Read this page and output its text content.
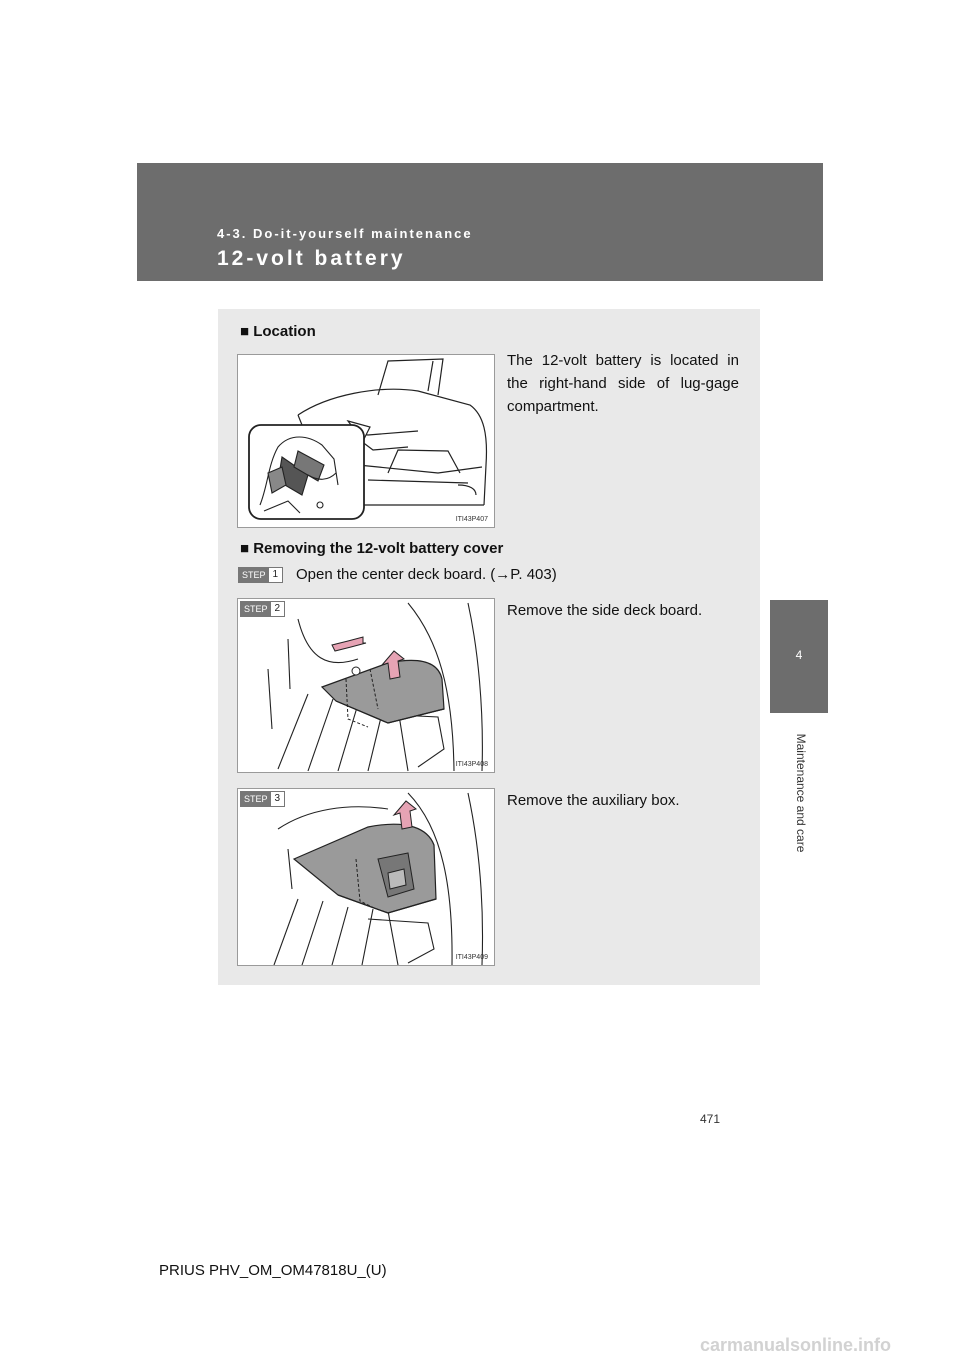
4-3. Do-it-yourself maintenance
12-volt battery
4
Maintenance and care
■ Location
ITI43P407
The 12-volt battery is located in the right-hand side of lug-gage compartment.
■ Removing the 12-volt battery cover
STEP 1 Open the center deck board. (→P. 403)
STEP 2
ITI43P408
Remove the side deck board.
STEP 3
ITI43P409
Remove the auxiliary box.
471
PRIUS PHV_OM_OM47818U_(U)
carmanualsonline.info
